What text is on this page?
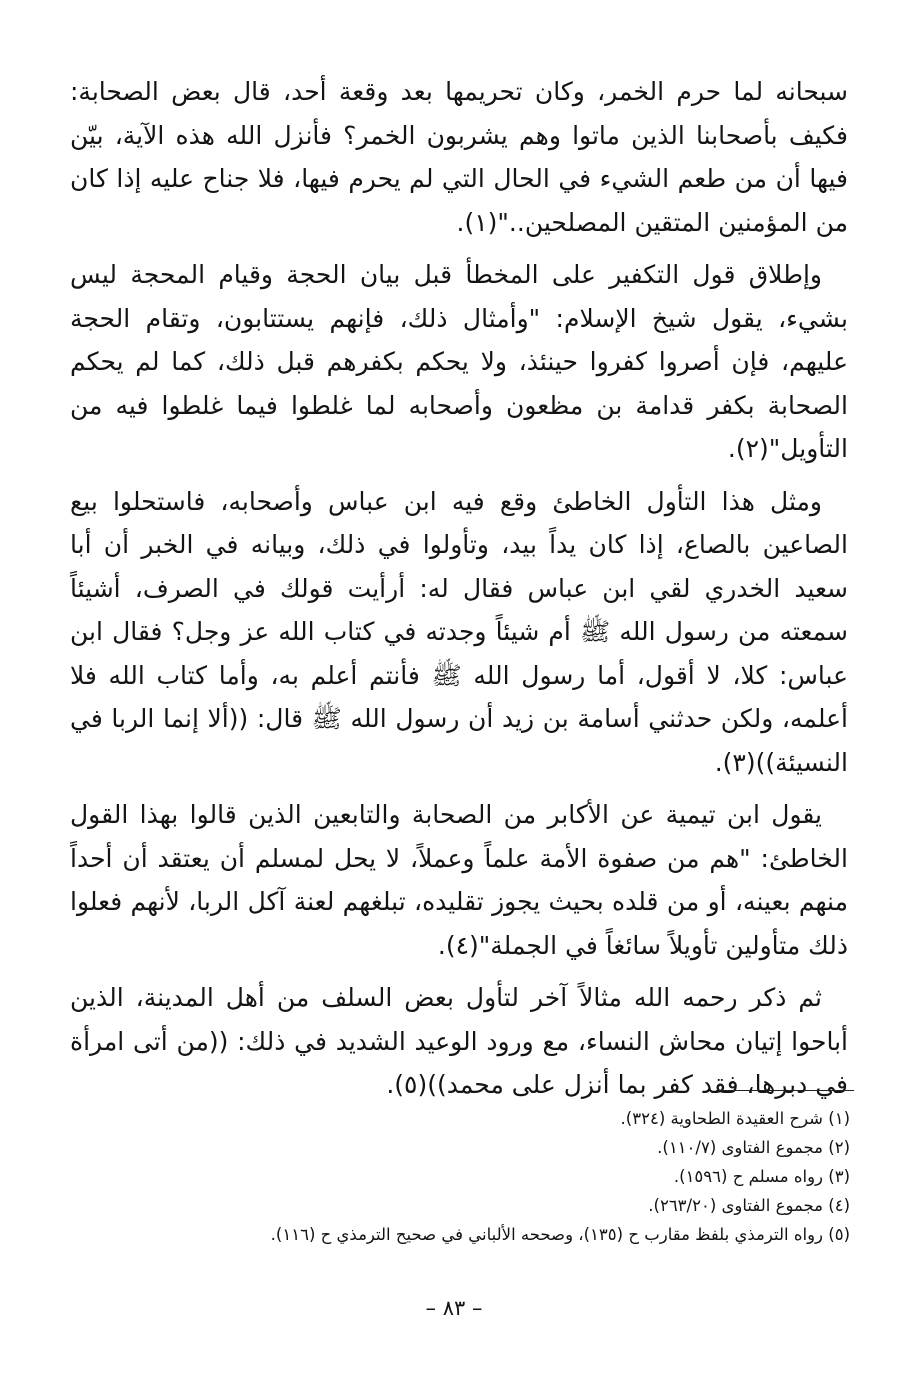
سبحانه لما حرم الخمر، وكان تحريمها بعد وقعة أحد، قال بعض الصحابة: فكيف بأصحابنا الذين ماتوا وهم يشربون الخمر؟ فأنزل الله هذه الآية، بيّن فيها أن من طعم الشيء في الحال التي لم يحرم فيها، فلا جناح عليه إذا كان من المؤمنين المتقين المصلحين.."(١).

وإطلاق قول التكفير على المخطأ قبل بيان الحجة وقيام المحجة ليس بشيء، يقول شيخ الإسلام: "وأمثال ذلك، فإنهم يستتابون، وتقام الحجة عليهم، فإن أصروا كفروا حينئذ، ولا يحكم بكفرهم قبل ذلك، كما لم يحكم الصحابة بكفر قدامة بن مظعون وأصحابه لما غلطوا فيما غلطوا فيه من التأويل"(٢).

ومثل هذا التأول الخاطئ وقع فيه ابن عباس وأصحابه، فاستحلوا بيع الصاعين بالصاع، إذا كان يداً بيد، وتأولوا في ذلك، وبيانه في الخبر أن أبا سعيد الخدري لقي ابن عباس فقال له: أرأيت قولك في الصرف، أشيئاً سمعته من رسول الله ﷺ أم شيئاً وجدته في كتاب الله عز وجل؟ فقال ابن عباس: كلا، لا أقول، أما رسول الله ﷺ فأنتم أعلم به، وأما كتاب الله فلا أعلمه، ولكن حدثني أسامة بن زيد أن رسول الله ﷺ قال: ((ألا إنما الربا في النسيئة))(٣).

يقول ابن تيمية عن الأكابر من الصحابة والتابعين الذين قالوا بهذا القول الخاطئ: "هم من صفوة الأمة علماً وعملاً، لا يحل لمسلم أن يعتقد أن أحداً منهم بعينه، أو من قلده بحيث يجوز تقليده، تبلغهم لعنة آكل الربا، لأنهم فعلوا ذلك متأولين تأويلاً سائغاً في الجملة"(٤).

ثم ذكر رحمه الله مثالاً آخر لتأول بعض السلف من أهل المدينة، الذين أباحوا إتيان محاش النساء، مع ورود الوعيد الشديد في ذلك: ((من أتى امرأة في دبرها، فقد كفر بما أنزل على محمد))(٥).

(١) شرح العقيدة الطحاوية (٣٢٤).

(٢) مجموع الفتاوى (١١٠/٧).

(٣) رواه مسلم ح (١٥٩٦).

(٤) مجموع الفتاوى (٢٦٣/٢٠).

(٥) رواه الترمذي بلفظ مقارب ح (١٣٥)، وصححه الألباني في صحيح الترمذي ح (١١٦).

– ٨٣ –
